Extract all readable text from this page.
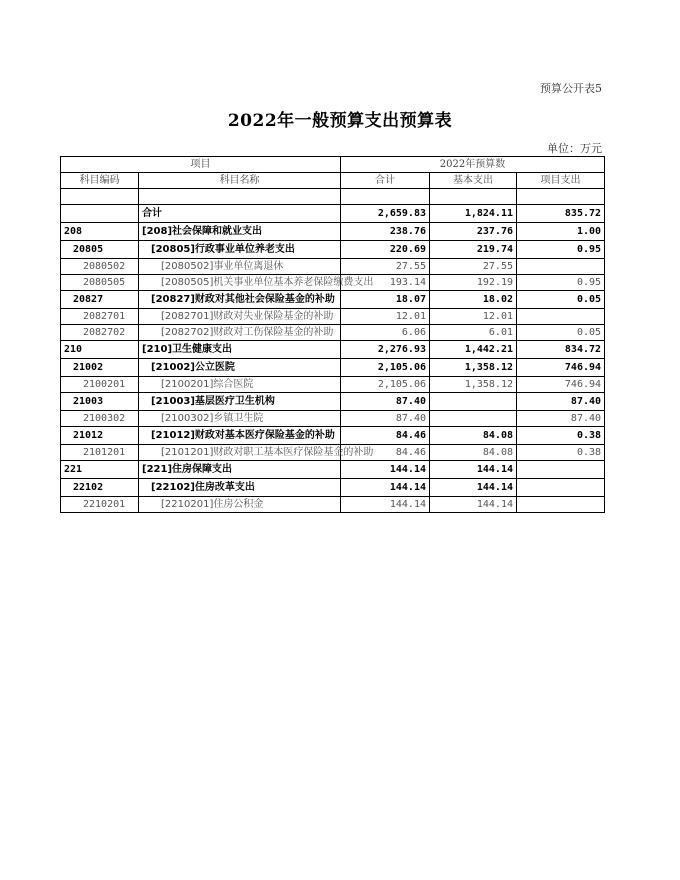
预算公开表5
2022年一般预算支出预算表
单位：万元
项目		2022年预算数		
科目编码	科目名称	合计	基本支出	项目支出

	合计	2,659.83	1,824.11	835.72
208	[208]社会保障和就业支出	238.76	237.76	1.00
20805	[20805]行政事业单位养老支出	220.69	219.74	0.95
2080502	[2080502]事业单位离退休	27.55	27.55	
2080505	[2080505]机关事业单位基本养老保险缴费支出	193.14	192.19	0.95
20827	[20827]财政对其他社会保险基金的补助	18.07	18.02	0.05
2082701	[2082701]财政对失业保险基金的补助	12.01	12.01	
2082702	[2082702]财政对工伤保险基金的补助	6.06	6.01	0.05
210	[210]卫生健康支出	2,276.93	1,442.21	834.72
21002	[21002]公立医院	2,105.06	1,358.12	746.94
2100201	[2100201]综合医院	2,105.06	1,358.12	746.94
21003	[21003]基层医疗卫生机构	87.40		87.40
2100302	[2100302]乡镇卫生院	87.40		87.40
21012	[21012]财政对基本医疗保险基金的补助	84.46	84.08	0.38
2101201	[2101201]财政对职工基本医疗保险基金的补助	84.46	84.08	0.38
221	[221]住房保障支出	144.14	144.14	
22102	[22102]住房改革支出	144.14	144.14	
2210201	[2210201]住房公积金	144.14	144.14	
